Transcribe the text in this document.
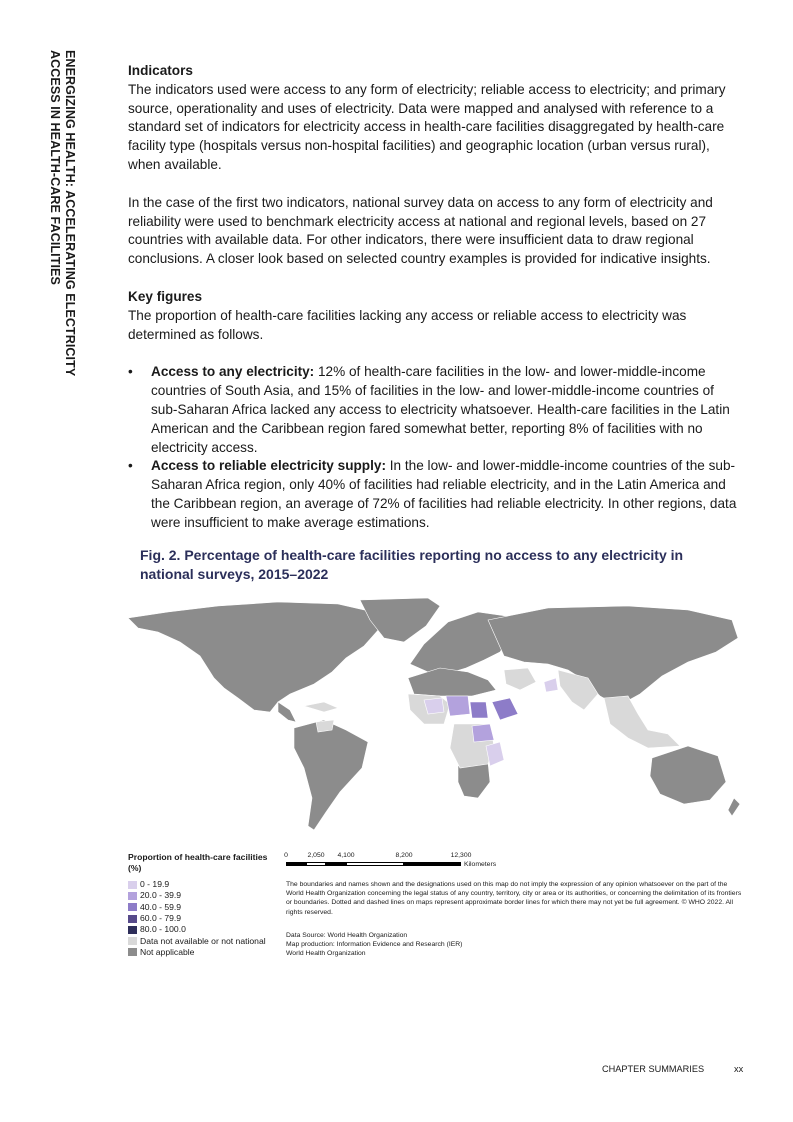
ENERGIZING HEALTH: ACCELERATING ELECTRICITY
ACCESS IN HEALTH-CARE FACILITIES	Indicators

The indicators used were access to any form of electricity; reliable access to electricity; and primary source, operationality and uses of electricity. Data were mapped and analysed with reference to a standard set of indicators for electricity access in health-care facilities disaggregated by health-care facility type (hospitals versus non-hospital facilities) and geographic location (urban versus rural), when available.

In the case of the first two indicators, national survey data on access to any form of electricity and reliability were used to benchmark electricity access at national and regional levels, based on 27 countries with available data. For other indicators, there were insufficient data to draw regional conclusions. A closer look based on selected country examples is provided for indicative insights.

Key figures

The proportion of health-care facilities lacking any access or reliable access to electricity was determined as follows.

• Access to any electricity: 12% of health-care facilities in the low- and lower-middle-income countries of South Asia, and 15% of facilities in the low- and lower-middle-income countries of sub-Saharan Africa lacked any access to electricity whatsoever. Health-care facilities in the Latin American and the Caribbean region fared somewhat better, reporting 8% of facilities with no electricity access.
• Access to reliable electricity supply: In the low- and lower-middle-income countries of the sub-Saharan Africa region, only 40% of facilities had reliable electricity, and in the Latin America and the Caribbean region, an average of 72% of facilities had reliable electricity. In other regions, data were insufficient to make average estimations.
Fig. 2. Percentage of health-care facilities reporting no access to any electricity in national surveys, 2015–2022
Proportion of health-care facilities (%)
0 - 19.9
20.0 - 39.9
40.0 - 59.9
60.0 - 79.9
80.0 - 100.0
Data not available or not national
Not applicable
0	2,050 4,100	8,200	12,300
Kilometers
The boundaries and names shown and the designations used on this map do not imply the expression of any opinion whatsoever on the part of the World Health Organization concerning the legal status of any country, territory, city or area or its authorities, or concerning the delimitation of its frontiers or boundaries. Dotted and dashed lines on maps represent approximate border lines for which there may not yet be full agreement. © WHO 2022. All rights reserved.
Data Source: World Health Organization
Map production: Information Evidence and Research (IER)
World Health Organization
CHAPTER SUMMARIES	xx
